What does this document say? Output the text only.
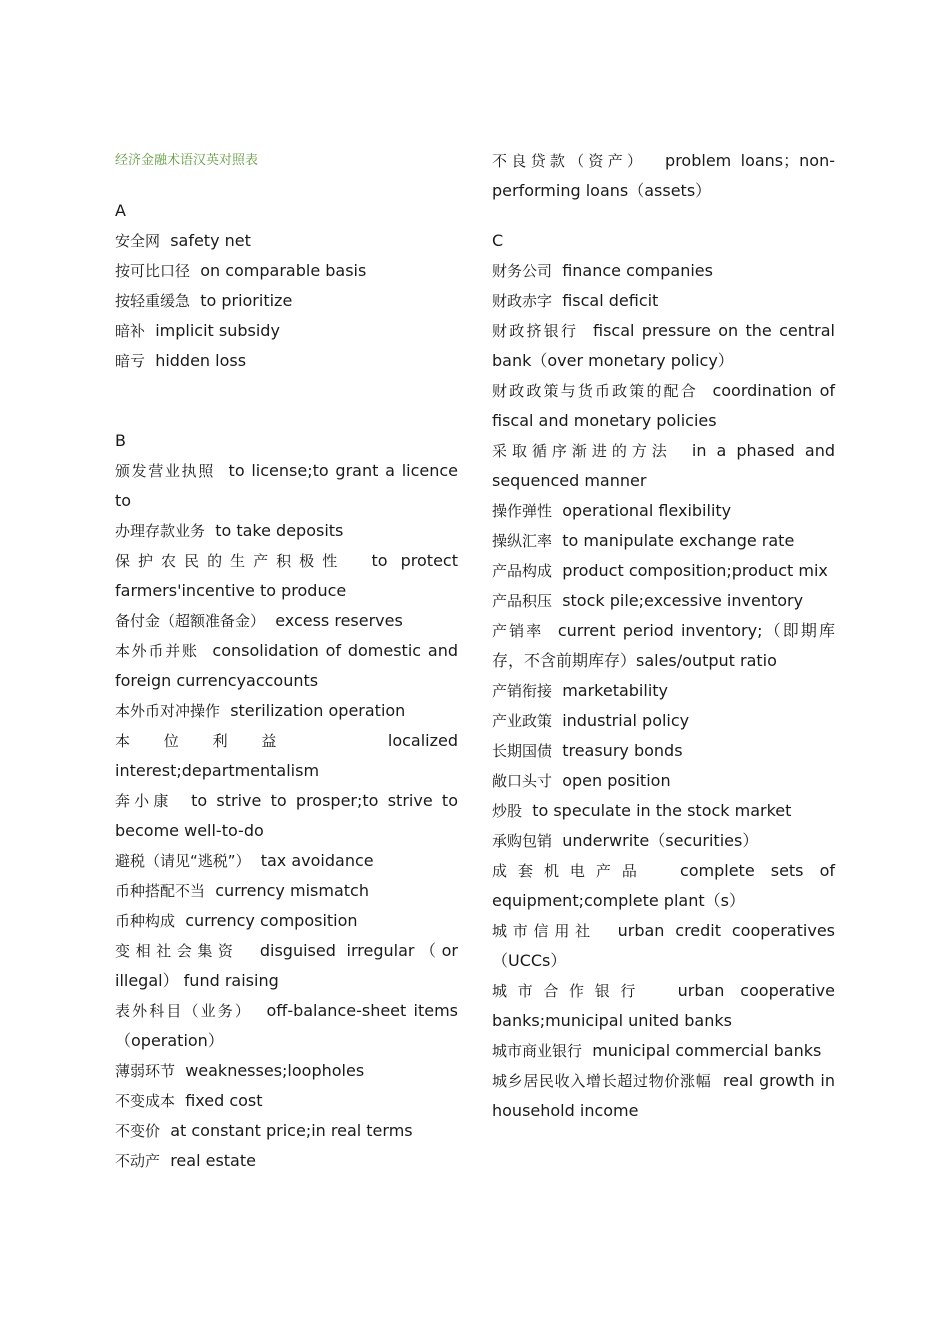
经济金融术语汉英对照表
A
安全网 safety net
按可比口径 on comparable basis
按轻重缓急 to prioritize
暗补 implicit subsidy
暗亏 hidden loss
B
颁发营业执照 to license;to grant a licence to
办理存款业务 to take deposits
保护农民的生产积极性 to protect farmers'incentive to produce
备付金（超额准备金） excess reserves
本外币并账 consolidation of domestic and foreign currencyaccounts
本外币对冲操作 sterilization operation
本位利益	localized interest;departmentalism
奔小康 to strive to prosper;to strive to become well-to-do
避税（请见“逃税”） tax avoidance
币种搭配不当 currency mismatch
币种构成 currency composition
变相社会集资 disguised irregular（or illegal） fund raising
表外科目（业务） off-balance-sheet items（operation）
薄弱环节 weaknesses;loopholes
不变成本 fixed cost
不变价 at constant price;in real terms
不动产 real estate
不良贷款（资产） problem loans；non-performing loans（assets）
C
财务公司 finance companies
财政赤字 fiscal deficit
财政挤银行 fiscal pressure on the central bank（over monetary policy）
财政政策与货币政策的配合 coordination of fiscal and monetary policies
采取循序渐进的方法 in a phased and sequenced manner
操作弹性 operational flexibility
操纵汇率 to manipulate exchange rate
产品构成 product composition;product mix
产品积压 stock pile;excessive inventory
产销率 current period inventory;（即期库存，不含前期库存）sales/output ratio
产销衔接 marketability
产业政策 industrial policy
长期国债 treasury bonds
敞口头寸 open position
炒股 to speculate in the stock market
承购包销 underwrite（securities）
成套机电产品 complete sets of equipment;complete plant（s）
城市信用社 urban credit cooperatives（UCCs）
城市合作银行 urban cooperative banks;municipal united banks
城市商业银行 municipal commercial banks
城乡居民收入增长超过物价涨幅 real growth in household income
